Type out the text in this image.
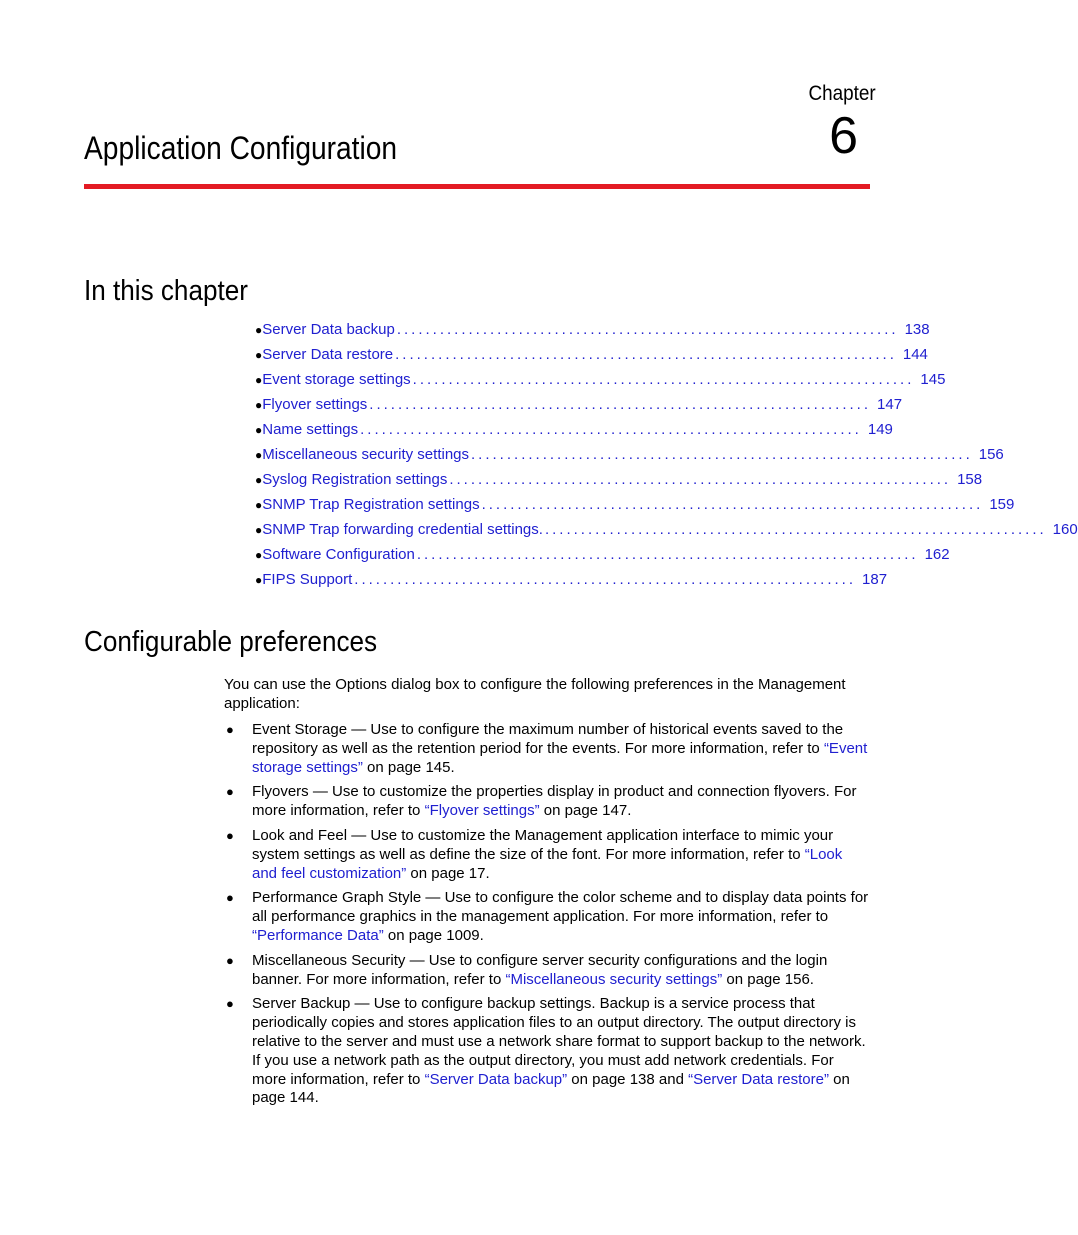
Chapter
6
Application Configuration
In this chapter
● Server Data backup ...................................................................... 138
● Server Data restore ...................................................................... 144
● Event storage settings ...................................................................... 145
● Flyover settings ...................................................................... 147
● Name settings ...................................................................... 149
● Miscellaneous security settings ...................................................................... 156
● Syslog Registration settings ...................................................................... 158
● SNMP Trap Registration settings ...................................................................... 159
● SNMP Trap forwarding credential settings. ...................................................................... 160
● Software Configuration ...................................................................... 162
● FIPS Support ...................................................................... 187
Configurable preferences

You can use the Options dialog box to configure the following preferences in the Management application:

● Event Storage — Use to configure the maximum number of historical events saved to the repository as well as the retention period for the events. For more information, refer to “Event storage settings” on page 145.
● Flyovers — Use to customize the properties display in product and connection flyovers. For more information, refer to “Flyover settings” on page 147.
● Look and Feel — Use to customize the Management application interface to mimic your system settings as well as define the size of the font. For more information, refer to “Look and feel customization” on page 17.
● Performance Graph Style — Use to configure the color scheme and to display data points for all performance graphics in the management application. For more information, refer to “Performance Data” on page 1009.
● Miscellaneous Security — Use to configure server security configurations and the login banner. For more information, refer to “Miscellaneous security settings” on page 156.
● Server Backup — Use to configure backup settings. Backup is a service process that periodically copies and stores application files to an output directory. The output directory is relative to the server and must use a network share format to support backup to the network. If you use a network path as the output directory, you must add network credentials. For more information, refer to “Server Data backup” on page 138 and “Server Data restore” on page 144.
